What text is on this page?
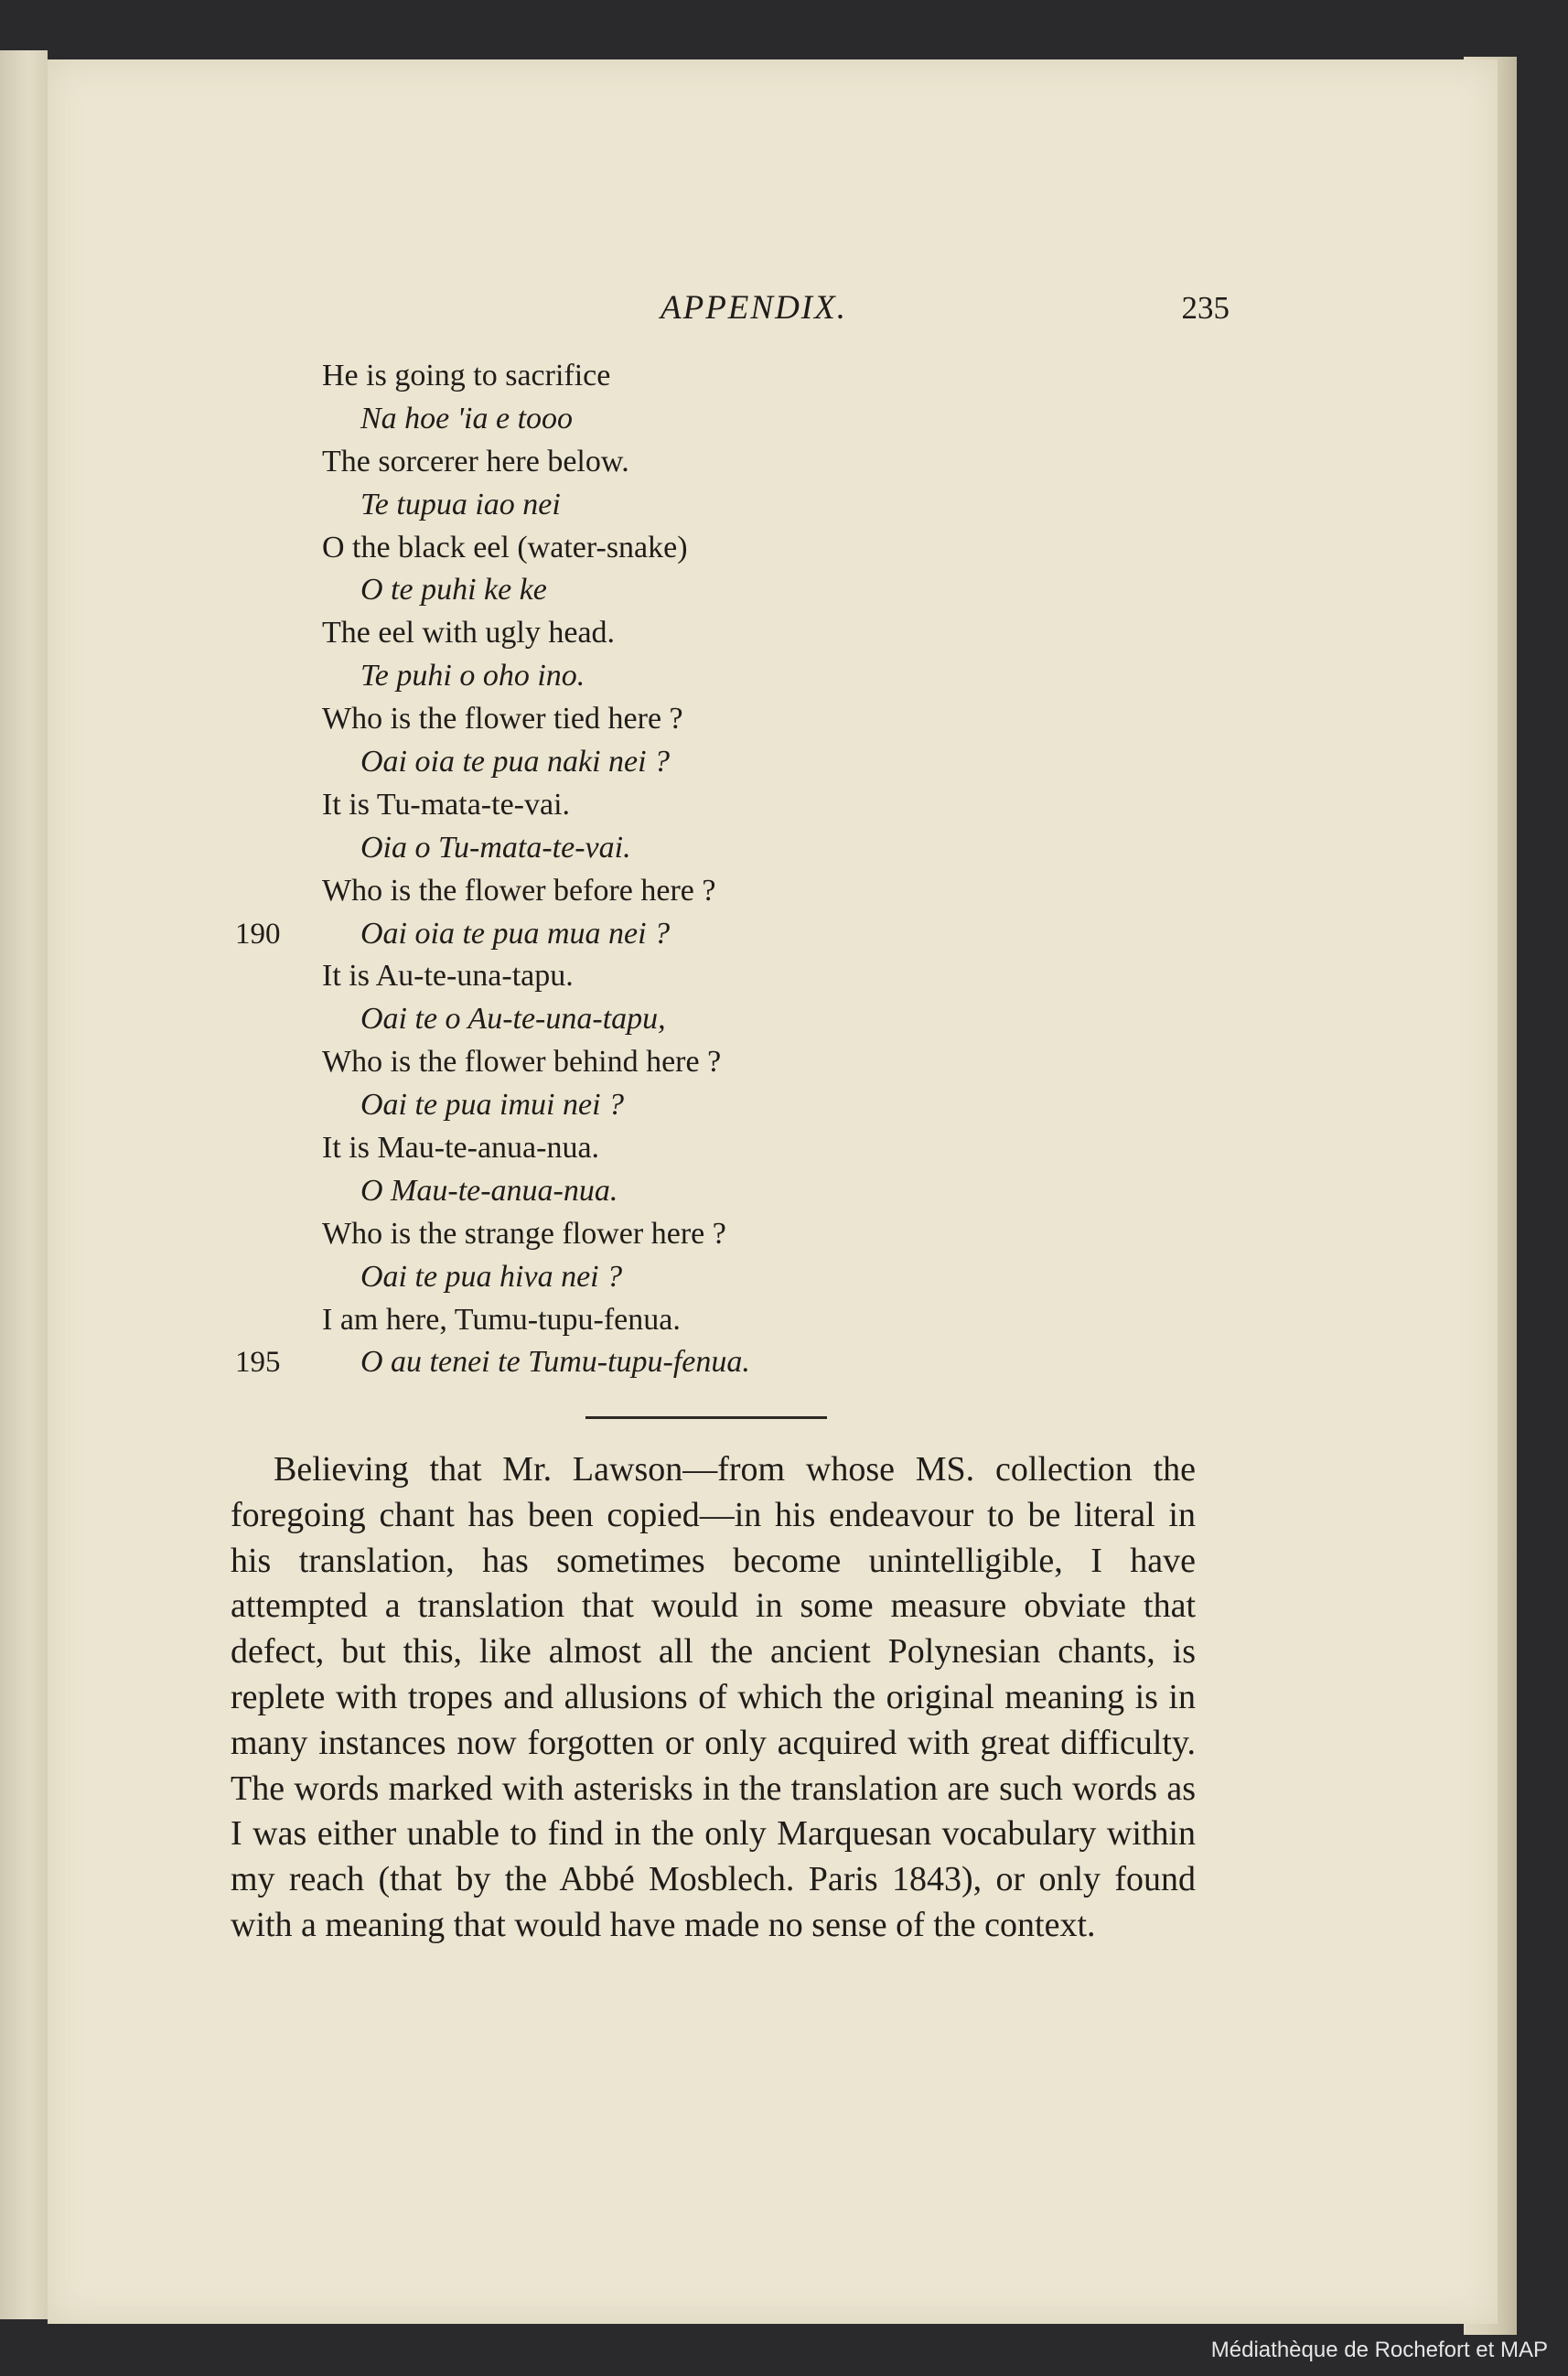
APPENDIX.	235
He is going to sacrifice
Na hoe 'ia e tooo
The sorcerer here below.
Te tupua iao nei
O the black eel (water-snake)
O te puhi ke ke
The eel with ugly head.
Te puhi o oho ino.
Who is the flower tied here ?
Oai oia te pua naki nei ?
It is Tu-mata-te-vai.
Oia o Tu-mata-te-vai.
Who is the flower before here ?
190	Oai oia te pua mua nei ?
It is Au-te-una-tapu.
Oai te o Au-te-una-tapu,
Who is the flower behind here ?
Oai te pua imui nei ?
It is Mau-te-anua-nua.
O Mau-te-anua-nua.
Who is the strange flower here ?
Oai te pua hiva nei ?
I am here, Tumu-tupu-fenua.
195	O au tenei te Tumu-tupu-fenua.

Believing that Mr. Lawson—from whose MS. collection the foregoing chant has been copied—in his endeavour to be literal in his translation, has sometimes become unintelligible, I have attempted a translation that would in some measure obviate that defect, but this, like almost all the ancient Polynesian chants, is replete with tropes and allusions of which the original meaning is in many instances now forgotten or only acquired with great difficulty. The words marked with asterisks in the translation are such words as I was either unable to find in the only Marquesan vocabulary within my reach (that by the Abbé Mosblech. Paris 1843), or only found with a meaning that would have made no sense of the context.

Médiathèque de Rochefort et MAP
